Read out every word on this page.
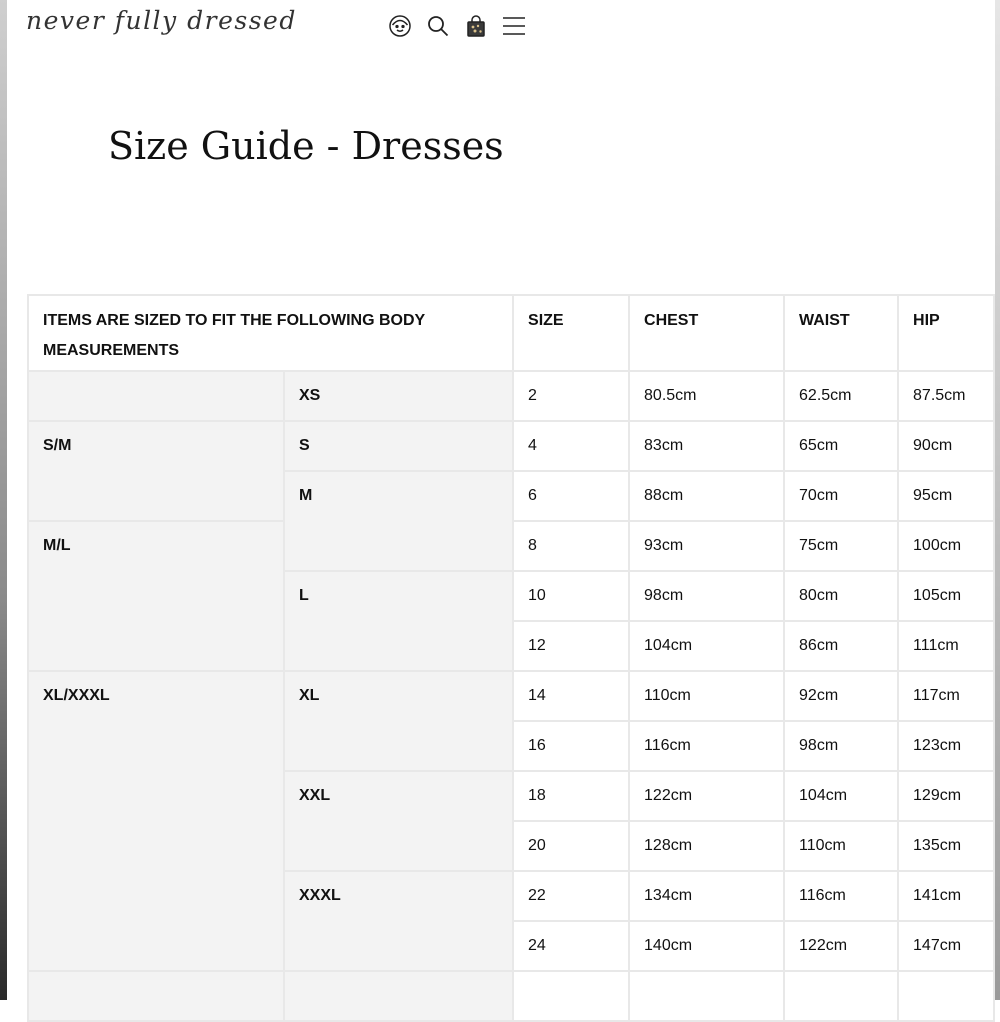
never fully dressed
Size Guide - Dresses
ITEMS ARE SIZED TO FIT THE FOLLOWING BODY MEASUREMENTS		SIZE	CHEST	WAIST	HIP
	XS	2	80.5cm	62.5cm	87.5cm
S/M	S	4	83cm	65cm	90cm
	M	6	88cm	70cm	95cm
M/L		8	93cm	75cm	100cm
	L	10	98cm	80cm	105cm
		12	104cm	86cm	111cm
XL/XXXL	XL	14	110cm	92cm	117cm
		16	116cm	98cm	123cm
	XXL	18	122cm	104cm	129cm
		20	128cm	110cm	135cm
	XXXL	22	134cm	116cm	141cm
		24	140cm	122cm	147cm
